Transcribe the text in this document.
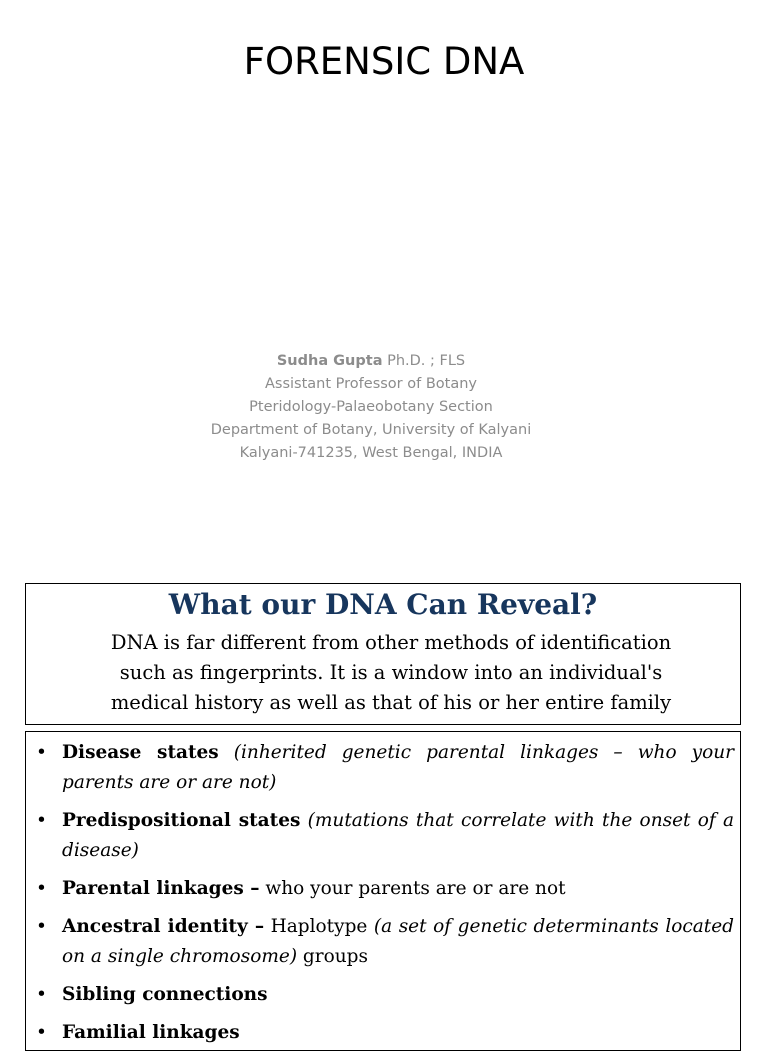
FORENSIC DNA
Sudha Gupta Ph.D. ; FLS
Assistant Professor of Botany
Pteridology-Palaeobotany Section
Department of Botany, University of Kalyani
Kalyani-741235, West Bengal, INDIA
What our DNA Can Reveal?
DNA is far different from other methods of identification
such as fingerprints. It is a window into an individual's
medical history as well as that of his or her entire family
• Disease states (inherited genetic parental linkages – who your parents are or are not)
• Predispositional states (mutations that correlate with the onset of a disease)
• Parental linkages – who your parents are or are not
• Ancestral identity – Haplotype (a set of genetic determinants located on a single chromosome) groups
• Sibling connections
• Familial linkages
